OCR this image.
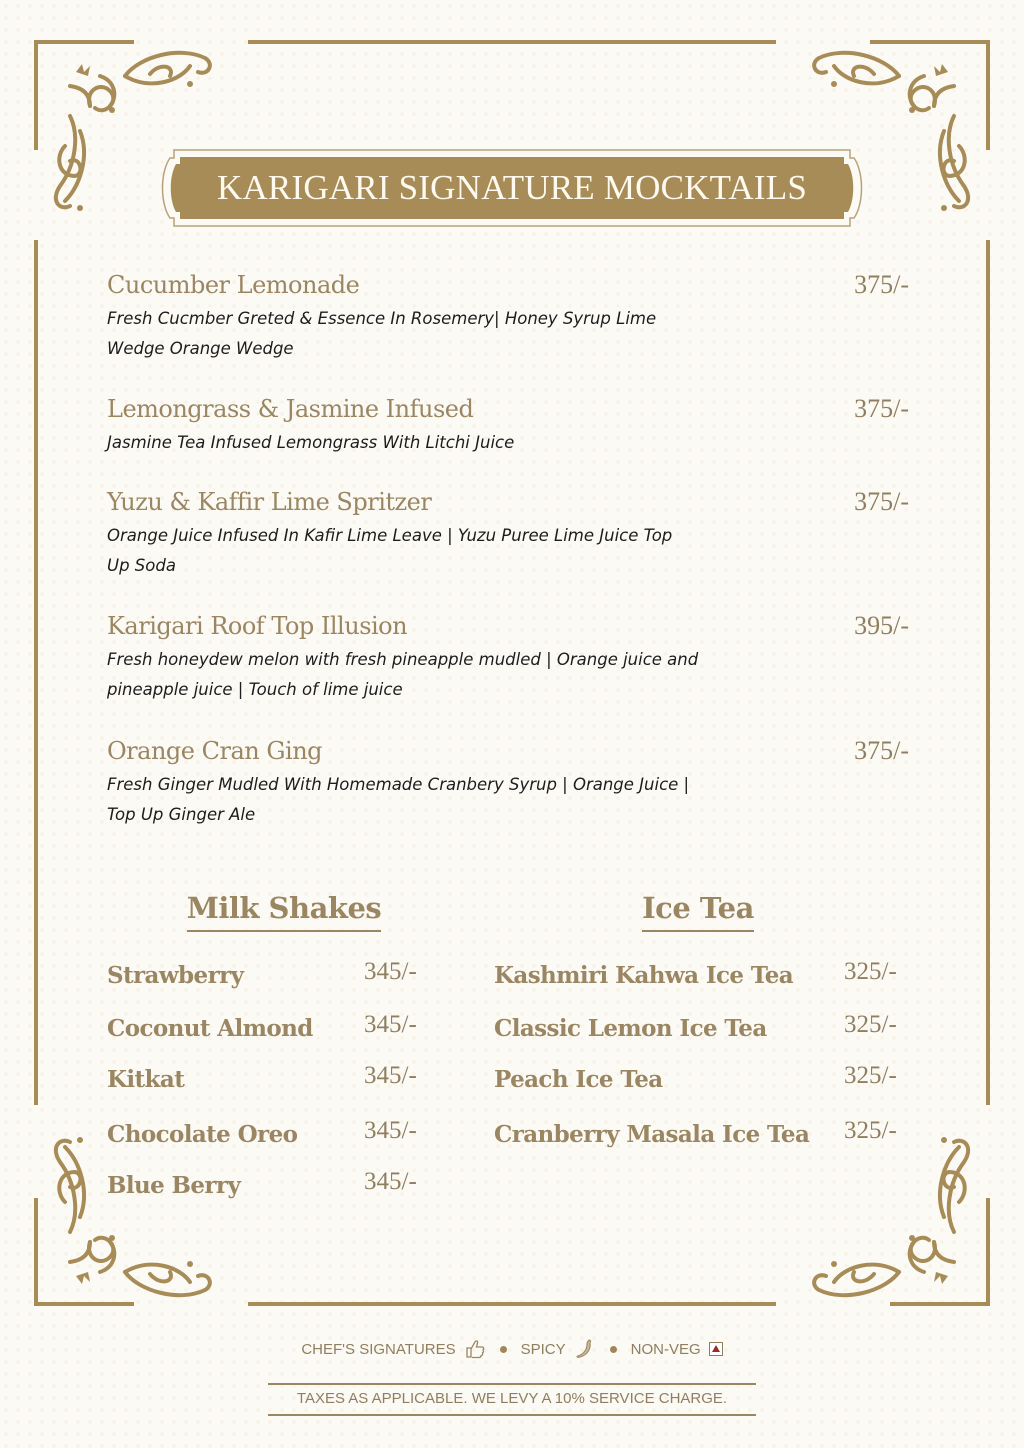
KARIGARI SIGNATURE MOCKTAILS
Cucumber Lemonade	375/-
Fresh Cucmber Greted & Essence In Rosemery| Honey Syrup Lime
Wedge Orange Wedge
Lemongrass & Jasmine Infused	375/-
Jasmine Tea Infused Lemongrass With Litchi Juice
Yuzu & Kaffir Lime Spritzer	375/-
Orange Juice Infused In Kafir Lime Leave | Yuzu Puree Lime Juice Top
Up Soda
Karigari Roof Top Illusion	395/-
Fresh honeydew melon with fresh pineapple mudled | Orange juice and
pineapple juice | Touch of lime juice
Orange Cran Ging	375/-
Fresh Ginger Mudled With Homemade Cranbery Syrup | Orange Juice |
Top Up Ginger Ale
Milk Shakes
Strawberry	345/-
Coconut Almond 345/-
Kitkat	345/-
Chocolate Oreo	345/-
Blue Berry	345/-
Ice Tea
Kashmiri Kahwa Ice Tea 325/-
Classic Lemon Ice Tea	325/-
Peach Ice Tea	325/-
Cranberry Masala Ice Tea 325/-
CHEF'S SIGNATURES	SPICY	NON-VEG
TAXES AS APPLICABLE. WE LEVY A 10% SERVICE CHARGE.
